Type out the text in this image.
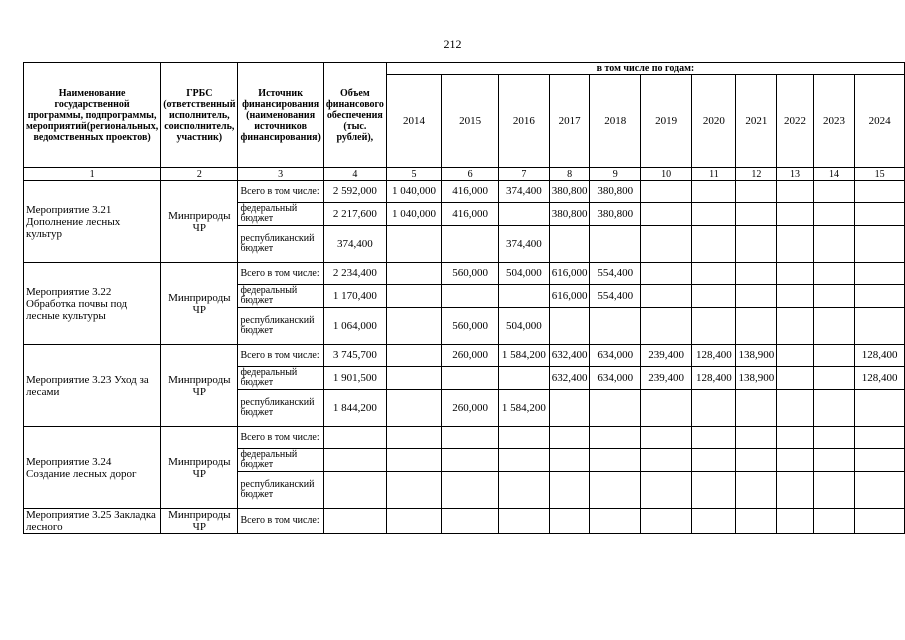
212
Наименование государственной программы, подпрограммы, мероприятий(региональных, ведомственных проектов)	ГРБС (ответственный исполнитель, соисполнитель, участник)	Источник финансирования (наименования источников финансирования)	Объем финансового обеспечения (тыс. рублей),	в том числе по годам:										
				2014	2015	2016	2017	2018	2019	2020	2021	2022	2023	2024
1	2	3	4	5	6	7	8	9	10	11	12	13	14	15
Мероприятие 3.21 Дополнение лесных культур	Минприроды ЧР	Всего в том числе:	2 592,000	1 040,000	416,000	374,400	380,800	380,800						
		федеральный бюджет	2 217,600	1 040,000	416,000		380,800	380,800						
		республиканский бюджет	374,400			374,400								
Мероприятие 3.22 Обработка почвы под лесные культуры	Минприроды ЧР	Всего в том числе:	2 234,400		560,000	504,000	616,000	554,400						
		федеральный бюджет	1 170,400				616,000	554,400						
		республиканский бюджет	1 064,000		560,000	504,000								
Мероприятие 3.23 Уход за лесами	Минприроды ЧР	Всего в том числе:	3 745,700		260,000	1 584,200	632,400	634,000	239,400	128,400	138,900			128,400
		федеральный бюджет	1 901,500				632,400	634,000	239,400	128,400	138,900			128,400
		республиканский бюджет	1 844,200		260,000	1 584,200								
Мероприятие 3.24 Создание лесных дорог	Минприроды ЧР	Всего в том числе:												
		федеральный бюджет												
		республиканский бюджет												
Мероприятие 3.25 Закладка лесного	Минприроды ЧР	Всего в том числе:												
